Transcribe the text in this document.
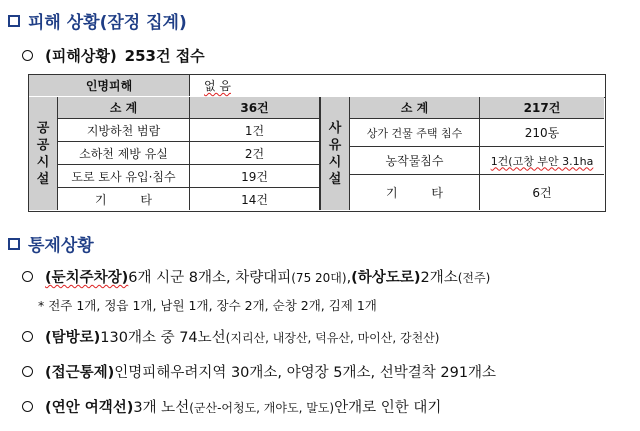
피해 상황(잠정 집계)
(피해상황) 253건 접수
인명피해	없 음
공
공
시
설
소 계	36건
지방하천 범람	1건
소하천 제방 유실	2건
도로 토사 유입·침수	19건
기 타	14건
사
유
시
설
소 계	217건
상가 건물 주택 침수	210동
농작물침수	1건(고창 부안 3.1ha
기 타	6건
통제상황
(둔치주차장) 6개 시군 8개소, 차량대피 (75 20대) , (하상도로) 2개소 (전주)
* 전주 1개, 정읍 1개, 남원 1개, 장수 2개, 순창 2개, 김제 1개
(탐방로) 130개소 중 74노선 (지리산, 내장산, 덕유산, 마이산, 강천산)
(접근통제) 인명피해우려지역 30개소, 야영장 5개소, 선박결착 291개소
(연안 여객선) 3개 노선 (군산-어청도, 개야도, 말도) 안개로 인한 대기
